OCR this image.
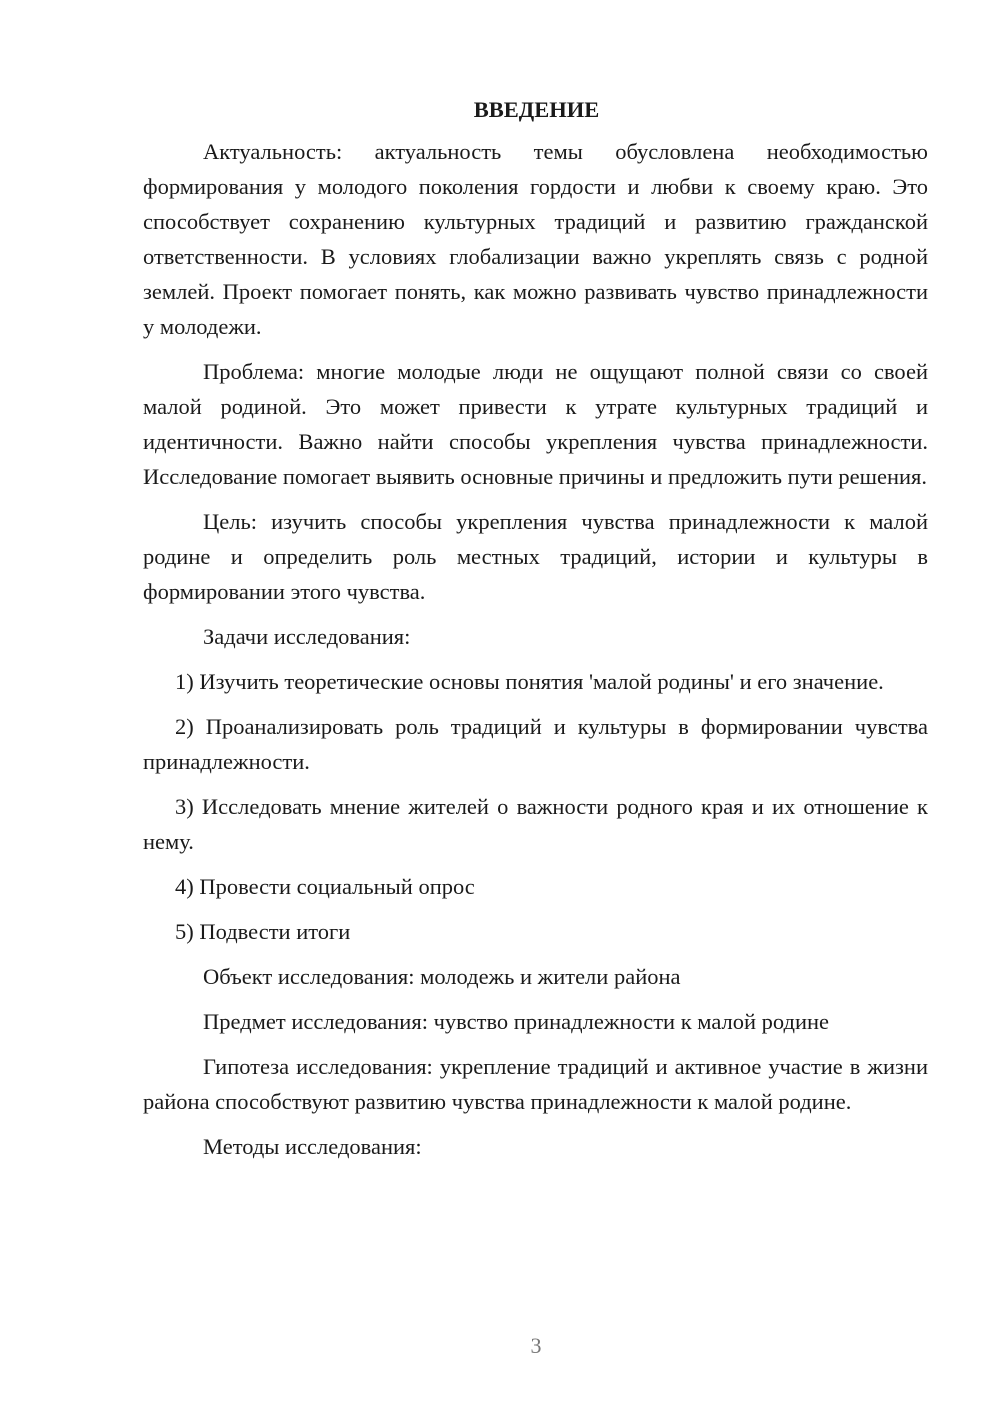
ВВЕДЕНИЕ
Актуальность: актуальность темы обусловлена необходимостью формирования у молодого поколения гордости и любви к своему краю. Это способствует сохранению культурных традиций и развитию гражданской ответственности. В условиях глобализации важно укреплять связь с родной землей. Проект помогает понять, как можно развивать чувство принадлежности у молодежи.
Проблема: многие молодые люди не ощущают полной связи со своей малой родиной. Это может привести к утрате культурных традиций и идентичности. Важно найти способы укрепления чувства принадлежности. Исследование помогает выявить основные причины и предложить пути решения.
Цель: изучить способы укрепления чувства принадлежности к малой родине и определить роль местных традиций, истории и культуры в формировании этого чувства.
Задачи исследования:
1) Изучить теоретические основы понятия 'малой родины' и его значение.
2) Проанализировать роль традиций и культуры в формировании чувства принадлежности.
3) Исследовать мнение жителей о важности родного края и их отношение к нему.
4) Провести социальный опрос
5) Подвести итоги
Объект исследования: молодежь и жители района
Предмет исследования: чувство принадлежности к малой родине
Гипотеза исследования: укрепление традиций и активное участие в жизни района способствуют развитию чувства принадлежности к малой родине.
Методы исследования:
3
